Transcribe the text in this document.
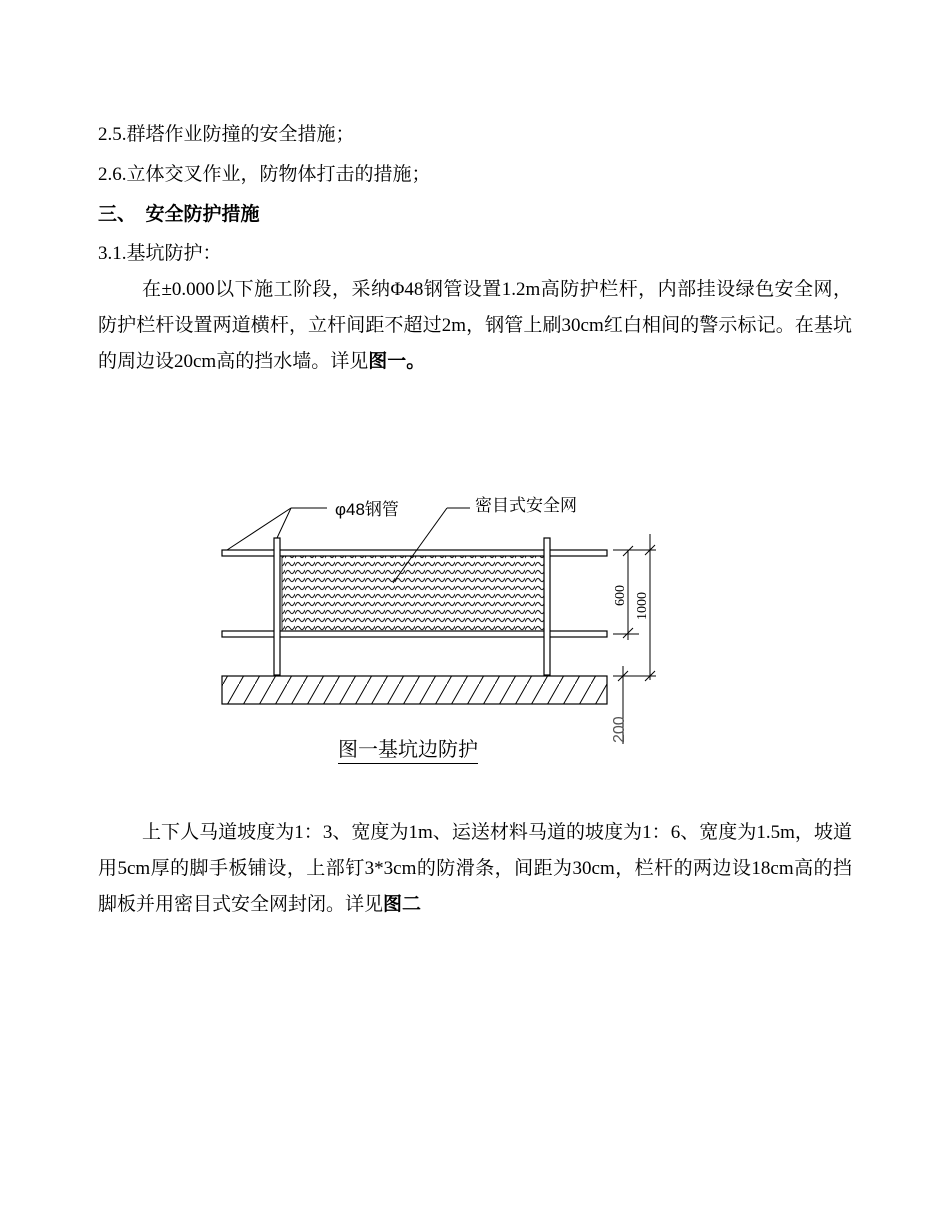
2.5.群塔作业防撞的安全措施；
2.6.立体交叉作业，防物体打击的措施；
三、  安全防护措施
3.1.基坑防护：

在±0.000以下施工阶段，采纳Φ48钢管设置1.2m高防护栏杆，内部挂设绿色安全网，防护栏杆设置两道横杆，立杆间距不超过2m，钢管上刷30cm红白相间的警示标记。在基坑的周边设20cm高的挡水墙。详见图一。

φ48钢管	密目式安全网
600 1000
200
图一基坑边防护

上下人马道坡度为1：3、宽度为1m、运送材料马道的坡度为1：6、宽度为1.5m，坡道用5cm厚的脚手板铺设，上部钉3*3cm的防滑条，间距为30cm，栏杆的两边设18cm高的挡脚板并用密目式安全网封闭。详见图二
